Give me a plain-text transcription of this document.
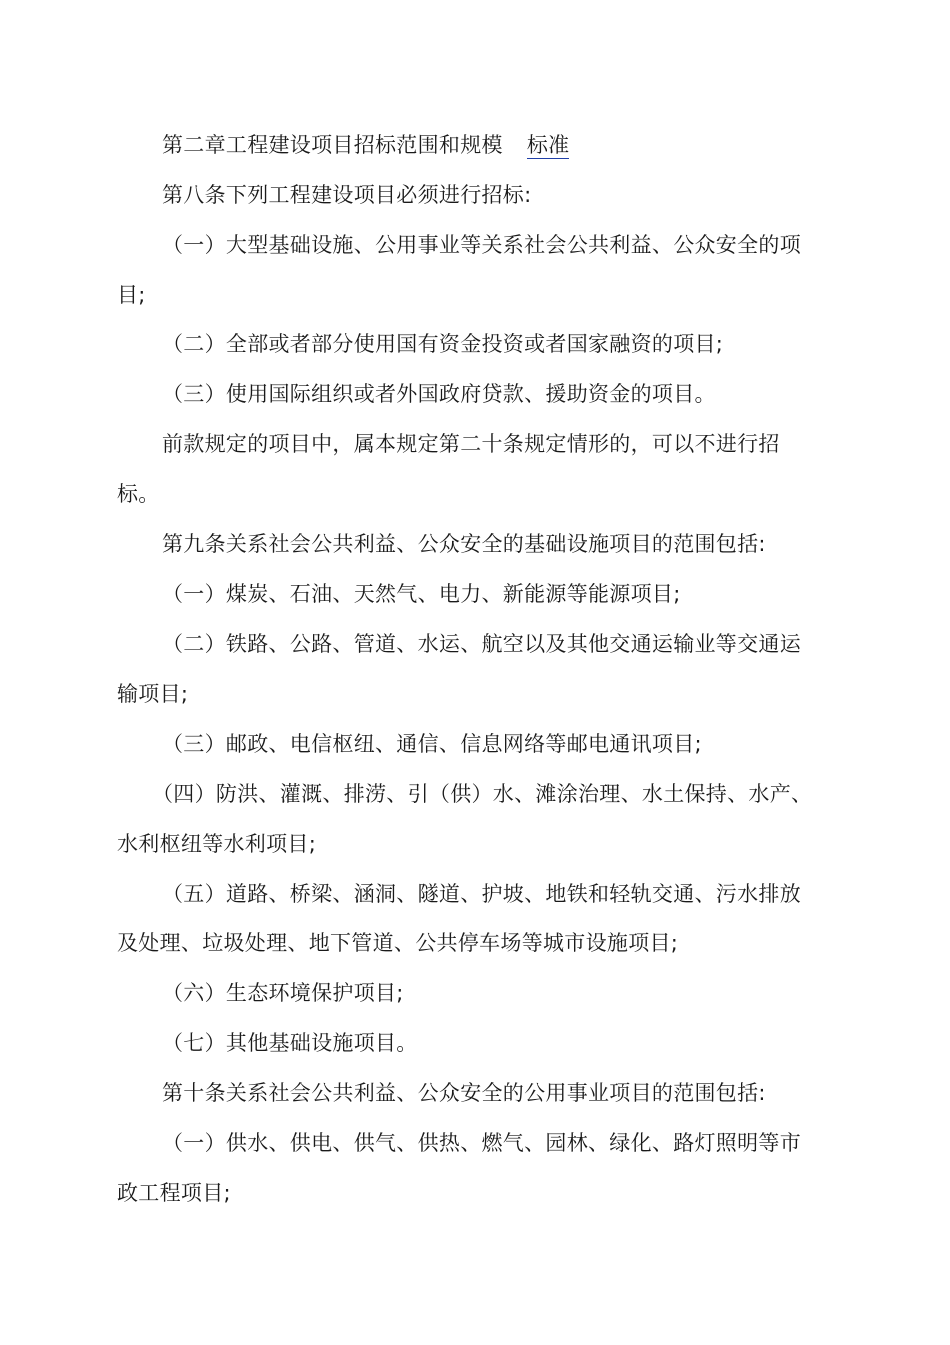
第二章工程建设项目招标范围和规模 标准
第八条下列工程建设项目必须进行招标:
（一）大型基础设施、公用事业等关系社会公共利益、公众安全的项
目;
（二）全部或者部分使用国有资金投资或者国家融资的项目;
（三）使用国际组织或者外国政府贷款、援助资金的项目。
前款规定的项目中，属本规定第二十条规定情形的，可以不进行招
标。
第九条关系社会公共利益、公众安全的基础设施项目的范围包括:
（一）煤炭、石油、天然气、电力、新能源等能源项目;
（二）铁路、公路、管道、水运、航空以及其他交通运输业等交通运
输项目;
（三）邮政、电信枢纽、通信、信息网络等邮电通讯项目;
（四）防洪、灌溉、排涝、引（供）水、滩涂治理、水土保持、水产、
水利枢纽等水利项目;
（五）道路、桥梁、涵洞、隧道、护坡、地铁和轻轨交通、污水排放
及处理、垃圾处理、地下管道、公共停车场等城市设施项目;
（六）生态环境保护项目;
（七）其他基础设施项目。
第十条关系社会公共利益、公众安全的公用事业项目的范围包括:
（一）供水、供电、供气、供热、燃气、园林、绿化、路灯照明等市
政工程项目;
